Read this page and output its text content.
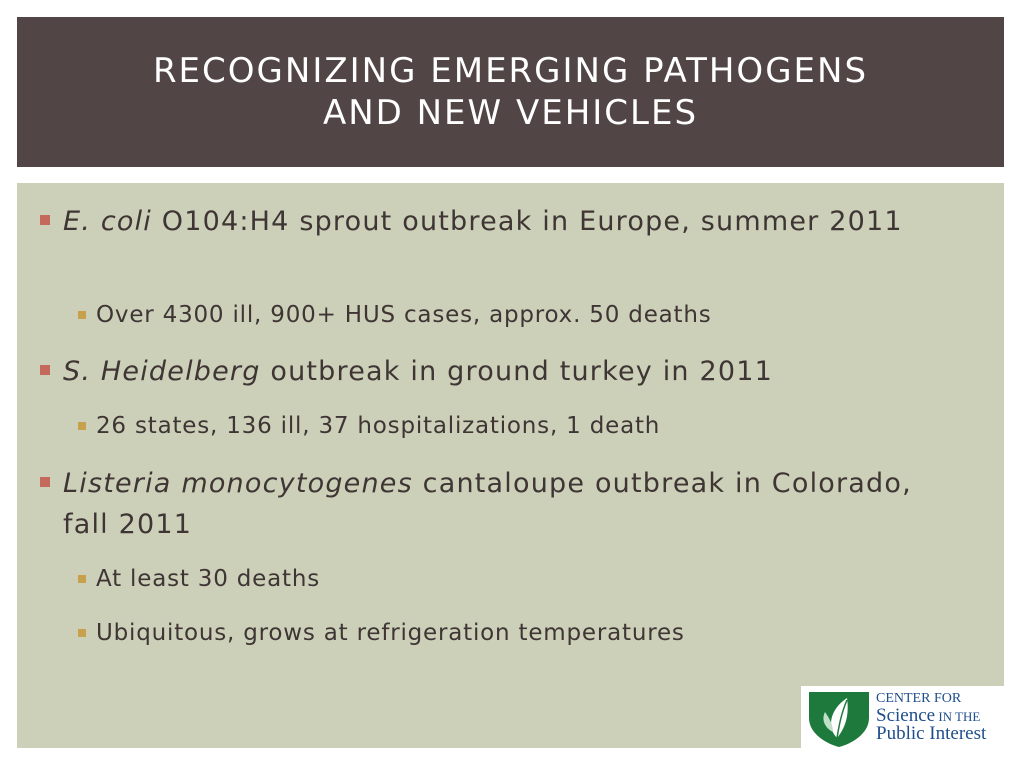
RECOGNIZING EMERGING PATHOGENS
AND NEW VEHICLES
E. coli O104:H4 sprout outbreak in Europe, summer 2011
Over 4300 ill, 900+ HUS cases, approx. 50 deaths
S. Heidelberg outbreak in ground turkey in 2011
26 states, 136 ill, 37 hospitalizations, 1 death
Listeria monocytogenes cantaloupe outbreak in Colorado, fall 2011
At least 30 deaths
Ubiquitous, grows at refrigeration temperatures
CENTER FOR
Science IN THE
Public Interest
